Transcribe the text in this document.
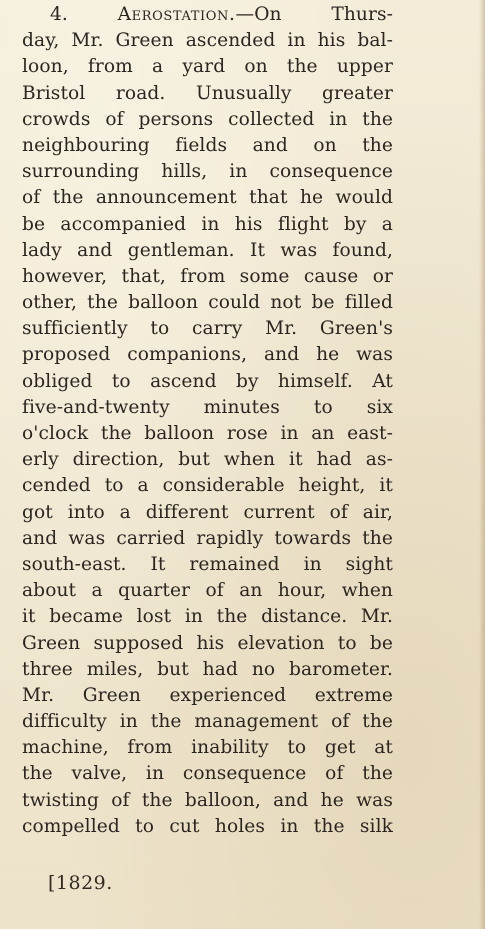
4.	Aerostation.—On Thurs-
day, Mr. Green ascended in his bal-
loon, from a yard on the upper
Bristol road. Unusually greater
crowds of persons collected in the
neighbouring fields and on the
surrounding hills, in consequence
of the announcement that he would
be accompanied in his flight by a
lady and gentleman. It was found,
however, that, from some cause or
other, the balloon could not be filled
sufficiently to carry Mr. Green's
proposed companions, and he was
obliged to ascend by himself. At
five-and-twenty minutes to six
o'clock the balloon rose in an east-
erly direction, but when it had as-
cended to a considerable height, it
got into a different current of air,
and was carried rapidly towards the
south-east. It remained in sight
about a quarter of an hour, when
it became lost in the distance. Mr.
Green supposed his elevation to be
three miles, but had no barometer.
Mr. Green experienced extreme
difficulty in the management of the
machine, from inability to get at
the valve, in consequence of the
twisting of the balloon, and he was
compelled to cut holes in the silk
[1829.
